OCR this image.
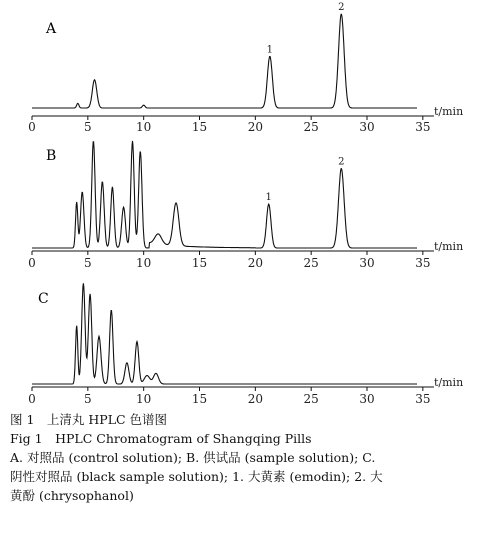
A
0	5	10	15	20	25	30	35
t/min
1
2
B
0	5	10	15	20	25	30	35
t/min
1
2
C
0	5	10	15	20	25	30	35
t/min
图 1　上清丸 HPLC 色谱图
Fig 1　HPLC Chromatogram of Shangqing Pills
A. 对照品 (control solution); B. 供试品 (sample solution); C.
阴性对照品 (black sample solution); 1. 大黄素 (emodin); 2. 大
黄酚 (chrysophanol)
